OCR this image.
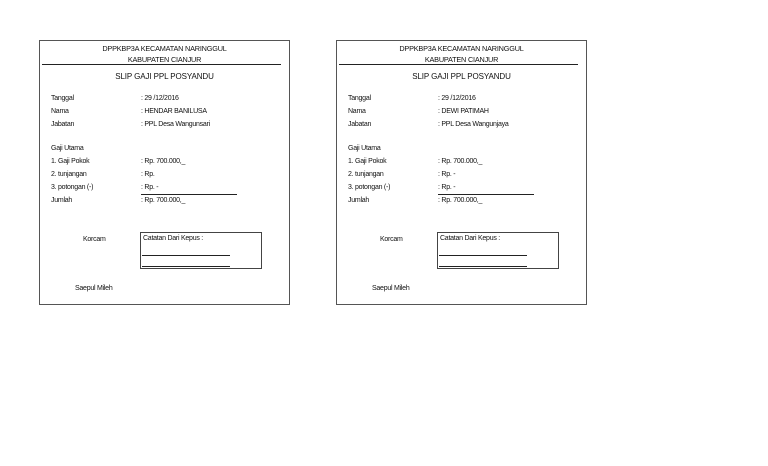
DPPKBP3A KECAMATAN NARINGGUL
KABUPATEN CIANJUR
SLIP GAJI PPL POSYANDU
Tanggal	: 29 /12/2016
Nama	: HENDAR BANILUSA
Jabatan	: PPL Desa Wangunsari
Gaji Utama
1. Gaji Pokok	: Rp. 700.000,_
2. tunjangan	: Rp.
3. potongan (-)	: Rp. -
Jumlah	: Rp. 700.000,_
Korcam	Catatan Dari Kepus :
Saepul Mileh
DPPKBP3A KECAMATAN NARINGGUL
KABUPATEN CIANJUR
SLIP GAJI PPL POSYANDU
Tanggal	: 29 /12/2016
Nama	: DEWI PATIMAH
Jabatan	: PPL Desa Wangunjaya
Gaji Utama
1. Gaji Pokok	: Rp. 700.000,_
2. tunjangan	: Rp. -
3. potongan (-)	: Rp. -
Jumlah	: Rp. 700.000,_
Korcam	Catatan Dari Kepus :
Saepul Mileh
